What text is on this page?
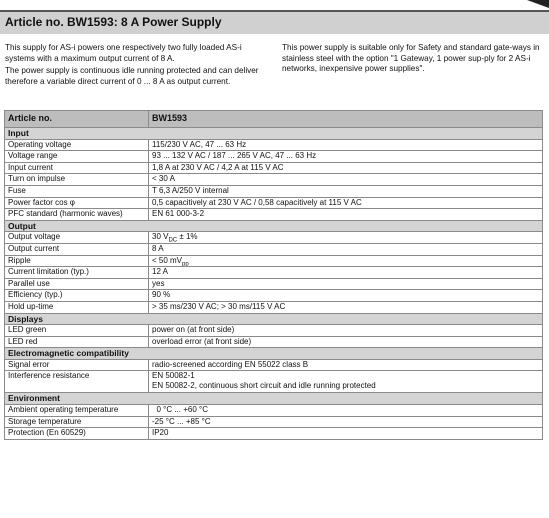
Article no. BW1593: 8 A Power Supply

This supply for AS-i powers one respectively two fully loaded AS-i systems with a maximum output current of 8 A.

The power supply is continuous idle running protected and can deliver therefore a variable direct current of 0 ... 8 A as output current.

This power supply is suitable only for Safety and standard gate-ways in stainless steel with the option "1 Gateway, 1 power sup-ply for 2 AS-i networks, inexpensive power supplies".

Article no.	BW1593
Input	
Operating voltage	115/230 V AC, 47 ... 63 Hz
Voltage range	93 ... 132 V AC / 187 ... 265 V AC, 47 ... 63 Hz
Input current	1,8 A at 230 V AC / 4,2 A at 115 V AC
Turn on impulse	< 30 A
Fuse	T 6,3 A/250 V internal
Power factor cos φ	0,5 capacitively at 230 V AC / 0,58 capacitively at 115 V AC
PFC standard (harmonic waves)	EN 61 000-3-2
Output	
Output voltage	30 $V_{DC} \pm 1\%$
Output current	8 A
Ripple	< 50 $mV_{pp}$
Current limitation (typ.)	12 A
Parallel use	yes
Efficiency (typ.)	90 %
Hold up-time	> 35 ms/230 V AC; > 30 ms/115 V AC
Displays	
LED green	power on (at front side)
LED red	overload error (at front side)
Electromagnetic compatibility	
Signal error	radio-screened according EN 55022 class B
Interference resistance	EN 50082-1
EN 50082-2, continuous short circuit and idle running protected

Environment	
Ambient operating temperature	0 °C ... +60 °C
Storage temperature	-25 °C ... +85 °C
Protection (En 60529)	IP20
